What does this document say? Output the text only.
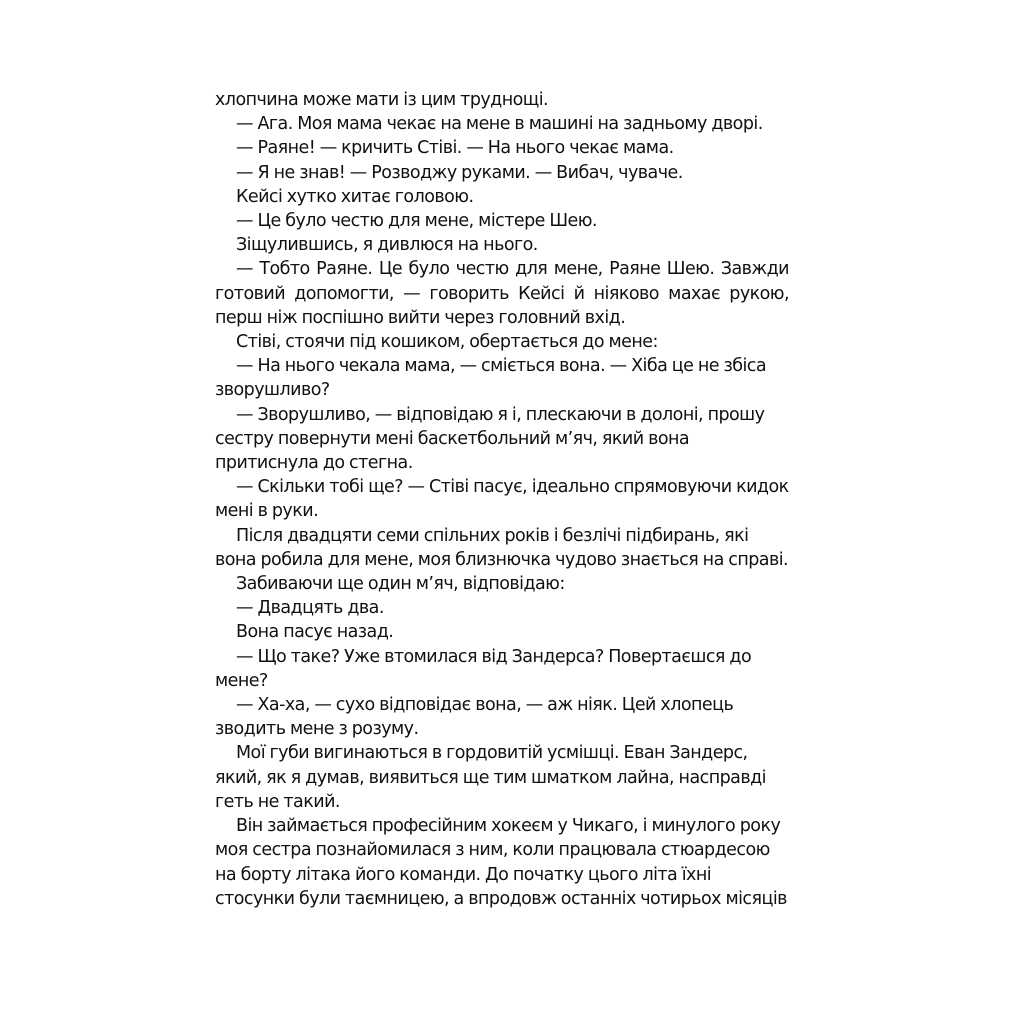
хлопчина може мати із цим труднощі.

— Ага. Моя мама чекає на мене в машині на задньому дворі.

— Раяне! — кричить Стіві. — На нього чекає мама.

— Я не знав! — Розводжу руками. — Вибач, чуваче.

Кейсі хутко хитає головою.

— Це було честю для мене, містере Шею.

Зіщулившись, я дивлюся на нього.

— Тобто Раяне. Це було честю для мене, Раяне Шею. Завжди готовий допомогти, — говорить Кейсі й ніяково махає рукою, перш ніж поспішно вийти через головний вхід.

Стіві, стоячи під кошиком, обертається до мене:

— На нього чекала мама, — сміється вона. — Хіба це не збіса зворушливо?

— Зворушливо, — відповідаю я і, плескаючи в долоні, прошу сестру повернути мені баскетбольний м’яч, який вона притиснула до стегна.

— Скільки тобі ще? — Стіві пасує, ідеально спрямовуючи кидок мені в руки.

Після двадцяти семи спільних років і безлічі підбирань, які вона робила для мене, моя близнючка чудово знається на справі.

Забиваючи ще один м’яч, відповідаю:

— Двадцять два.

Вона пасує назад.

— Що таке? Уже втомилася від Зандерса? Повертаєшся до мене?

— Ха-ха, — сухо відповідає вона, — аж ніяк. Цей хлопець зводить мене з розуму.

Мої губи вигинаються в гордовитій усмішці. Еван Зандерс, який, як я думав, виявиться ще тим шматком лайна, насправді геть не такий.

Він займається професійним хокеєм у Чикаго, і минулого року моя сестра познайомилася з ним, коли працювала стюардесою на борту літака його команди. До початку цього літа їхні стосунки були таємницею, а впродовж останніх чотирьох місяців
